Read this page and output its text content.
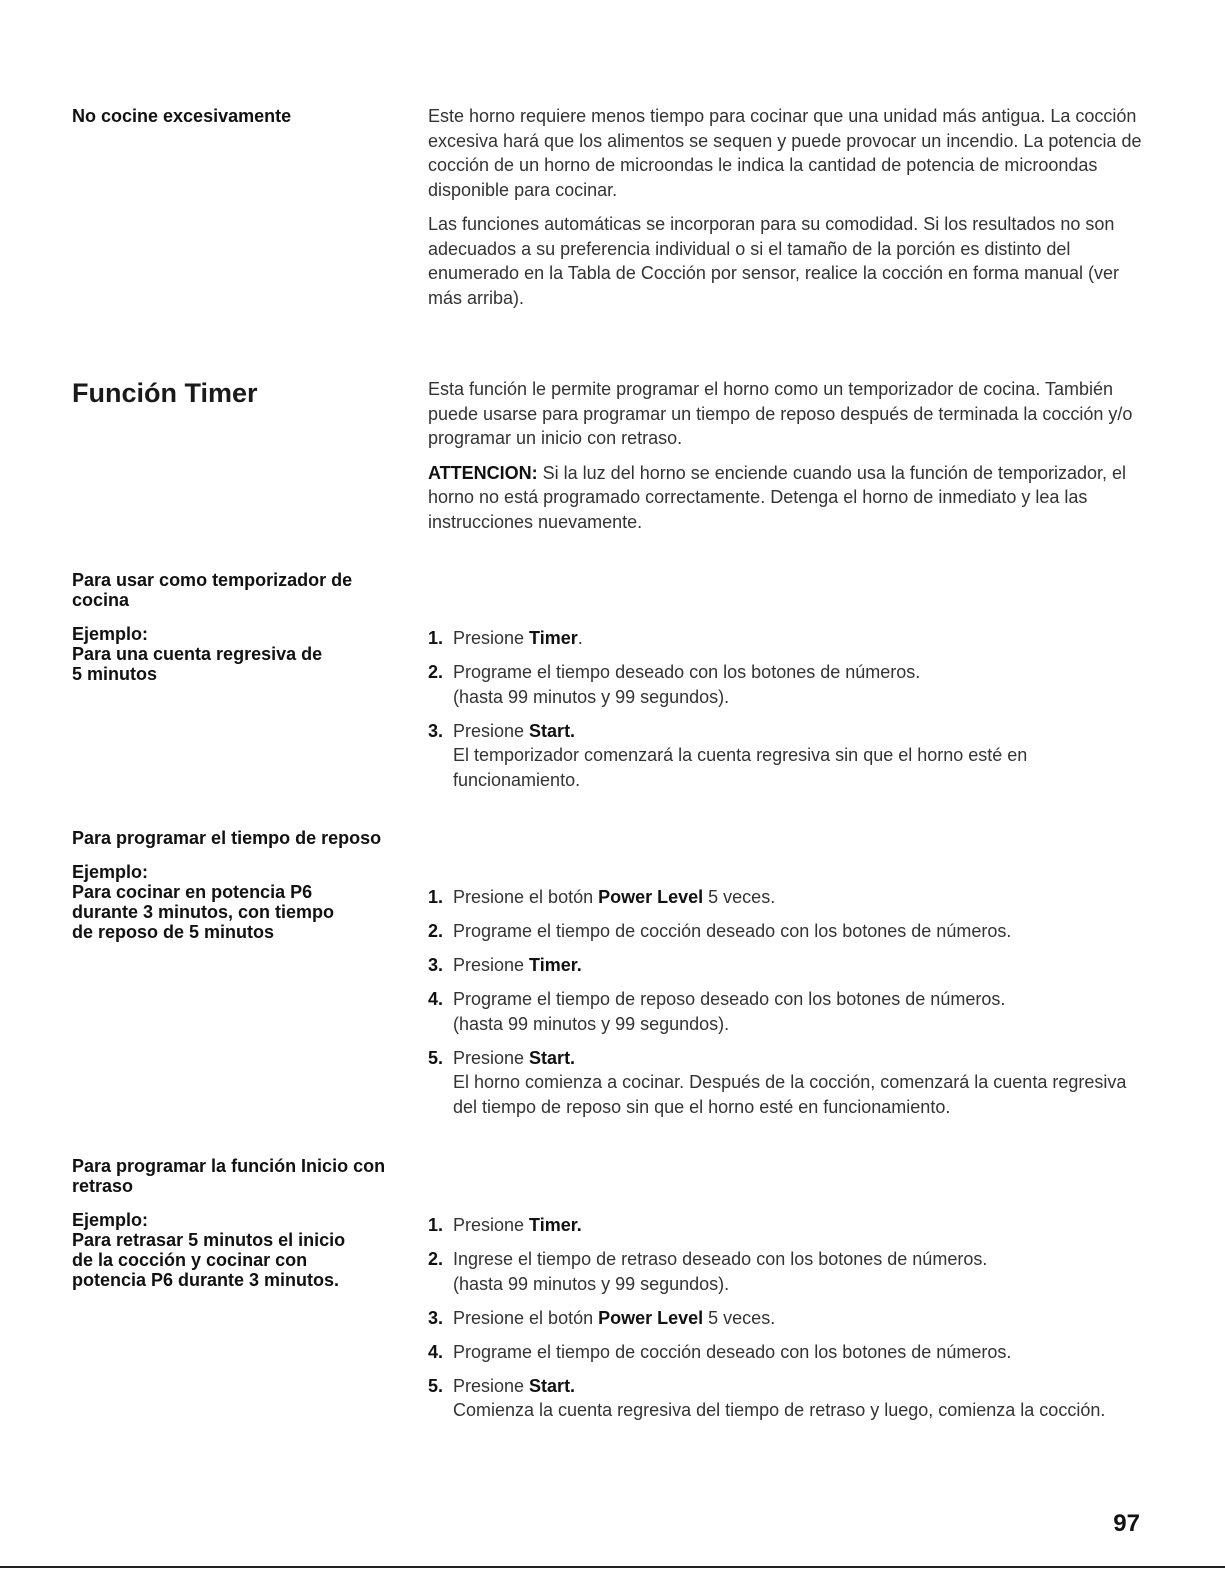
No cocine excesivamente	Este horno requiere menos tiempo para cocinar que una unidad más antigua. La cocción excesiva hará que los alimentos se sequen y puede provocar un incendio. La potencia de cocción de un horno de microondas le indica la cantidad de potencia de microondas disponible para cocinar.

Las funciones automáticas se incorporan para su comodidad. Si los resultados no son adecuados a su preferencia individual o si el tamaño de la porción es distinto del enumerado en la Tabla de Cocción por sensor, realice la cocción en forma manual (ver más arriba).

Función Timer	Esta función le permite programar el horno como un temporizador de cocina. También puede usarse para programar un tiempo de reposo después de terminada la cocción y/o programar un inicio con retraso.

ATTENCION: Si la luz del horno se enciende cuando usa la función de temporizador, el horno no está programado correctamente. Detenga el horno de inmediato y lea las instrucciones nuevamente.

Para usar como temporizador de cocina

Ejemplo:
Para una cuenta regresiva de
5 minutos

1. Presione Timer.
2. Programe el tiempo deseado con los botones de números.
(hasta 99 minutos y 99 segundos).
3. Presione Start.
El temporizador comenzará la cuenta regresiva sin que el horno esté en funcionamiento.
Para programar el tiempo de reposo

Ejemplo:
Para cocinar en potencia P6
durante 3 minutos, con tiempo
de reposo de 5 minutos

1. Presione el botón Power Level 5 veces.
2. Programe el tiempo de cocción deseado con los botones de números.
3. Presione Timer.
4. Programe el tiempo de reposo deseado con los botones de números.
(hasta 99 minutos y 99 segundos).
5. Presione Start.
El horno comienza a cocinar. Después de la cocción, comenzará la cuenta regresiva del tiempo de reposo sin que el horno esté en funcionamiento.
Para programar la función Inicio con retraso

Ejemplo:
Para retrasar 5 minutos el inicio
de la cocción y cocinar con
potencia P6 durante 3 minutos.

1. Presione Timer.
2. Ingrese el tiempo de retraso deseado con los botones de números.
(hasta 99 minutos y 99 segundos).
3. Presione el botón Power Level 5 veces.
4. Programe el tiempo de cocción deseado con los botones de números.
5. Presione Start.
Comienza la cuenta regresiva del tiempo de retraso y luego, comienza la cocción.
97
